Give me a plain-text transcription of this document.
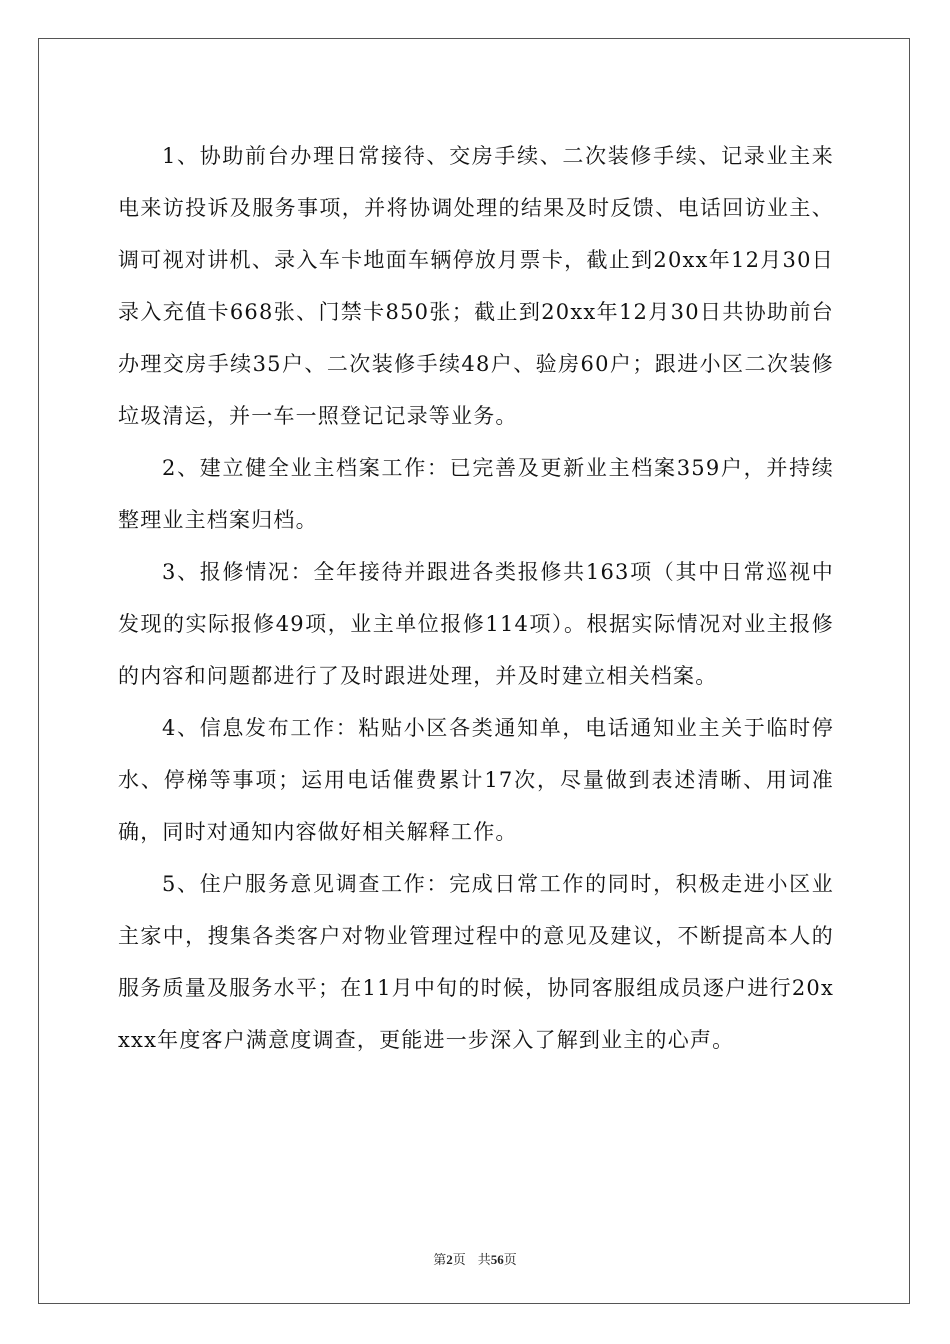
1、协助前台办理日常接待、交房手续、二次装修手续、记录业主来电来访投诉及服务事项，并将协调处理的结果及时反馈、电话回访业主、调可视对讲机、录入车卡地面车辆停放月票卡，截止到20xx年12月30日录入充值卡668张、门禁卡850张；截止到20xx年12月30日共协助前台办理交房手续35户、二次装修手续48户、验房60户；跟进小区二次装修垃圾清运，并一车一照登记记录等业务。

2、建立健全业主档案工作：已完善及更新业主档案359户，并持续整理业主档案归档。

3、报修情况：全年接待并跟进各类报修共163项（其中日常巡视中发现的实际报修49项，业主单位报修114项）。根据实际情况对业主报修的内容和问题都进行了及时跟进处理，并及时建立相关档案。

4、信息发布工作：粘贴小区各类通知单，电话通知业主关于临时停水、停梯等事项；运用电话催费累计17次，尽量做到表述清晰、用词准确，同时对通知内容做好相关解释工作。

5、住户服务意见调查工作：完成日常工作的同时，积极走进小区业主家中，搜集各类客户对物业管理过程中的意见及建议，不断提高本人的服务质量及服务水平；在11月中旬的时候，协同客服组成员逐户进行20xxxx年度客户满意度调查，更能进一步深入了解到业主的心声。

第2页 共56页
